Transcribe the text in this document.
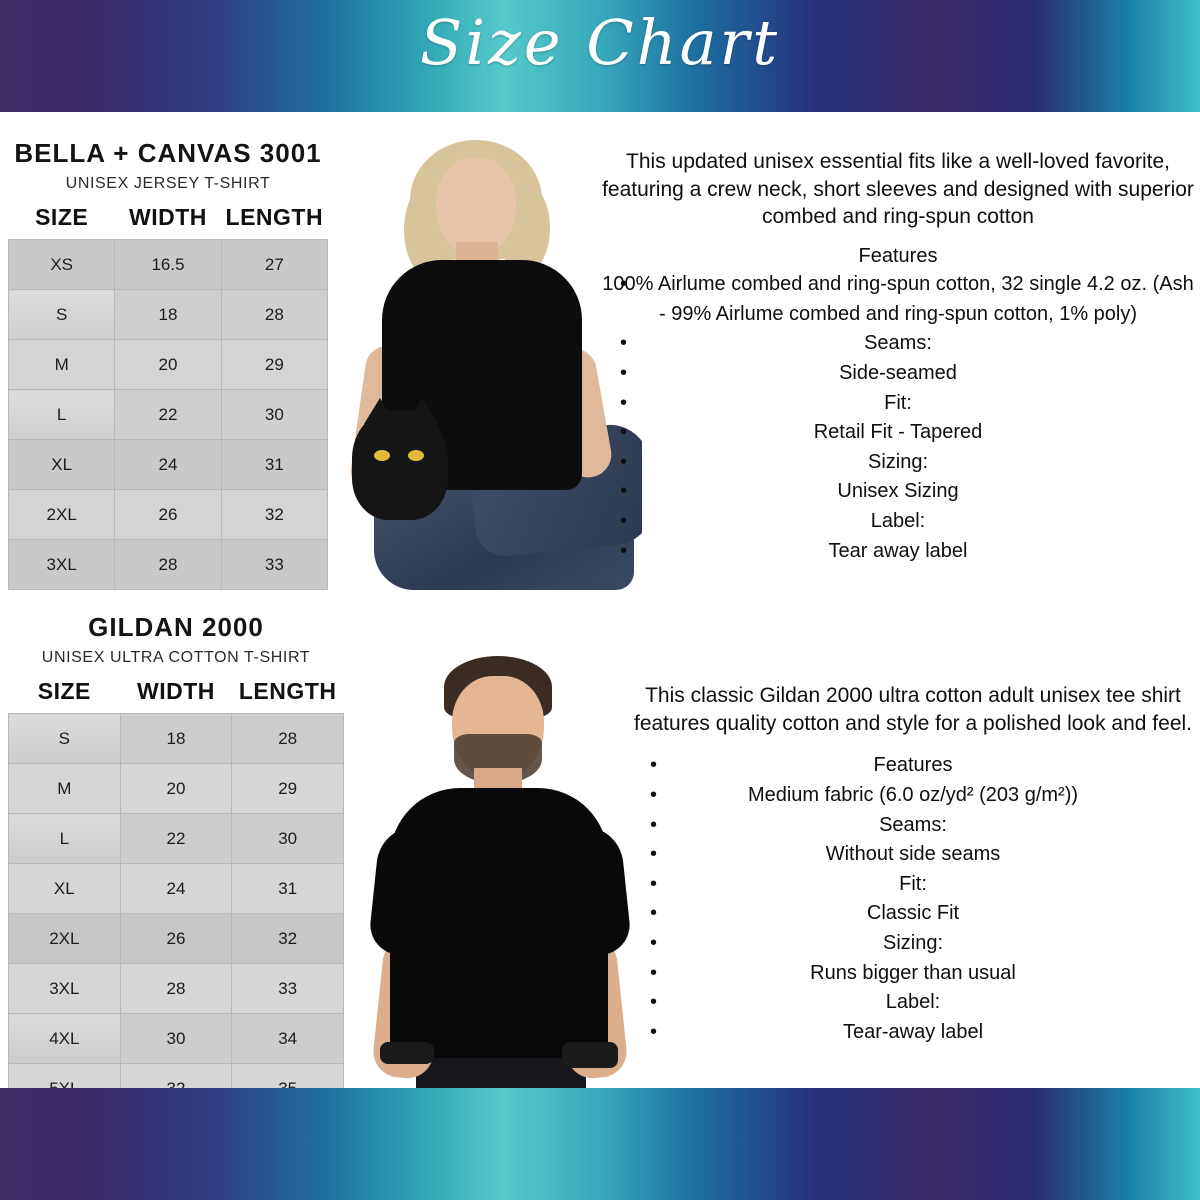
Size Chart
BELLA + CANVAS 3001
UNISEX JERSEY T-SHIRT
SIZE	WIDTH	LENGTH
XS	16.5	27
S	18	28
M	20	29
L	22	30
XL	24	31
2XL	26	32
3XL	28	33
This updated unisex essential fits like a well-loved favorite, featuring a crew neck, short sleeves and designed with superior combed and ring-spun cotton
Features
• 100% Airlume combed and ring-spun cotton, 32 single 4.2 oz. (Ash - 99% Airlume combed and ring-spun cotton, 1% poly)
• Seams:
• Side-seamed
• Fit:
• Retail Fit - Tapered
• Sizing:
• Unisex Sizing
• Label:
• Tear away label
GILDAN 2000
UNISEX ULTRA COTTON T-SHIRT
SIZE	WIDTH	LENGTH
S	18	28
M	20	29
L	22	30
XL	24	31
2XL	26	32
3XL	28	33
4XL	30	34

This classic Gildan 2000 ultra cotton adult unisex tee shirt features quality cotton and style for a polished look and feel.
• Features
• Medium fabric (6.0 oz/yd² (203 g/m²))
• Seams:
• Without side seams
• Fit:
• Classic Fit
• Sizing:
• Runs bigger than usual
• Label:
• Tear-away label
